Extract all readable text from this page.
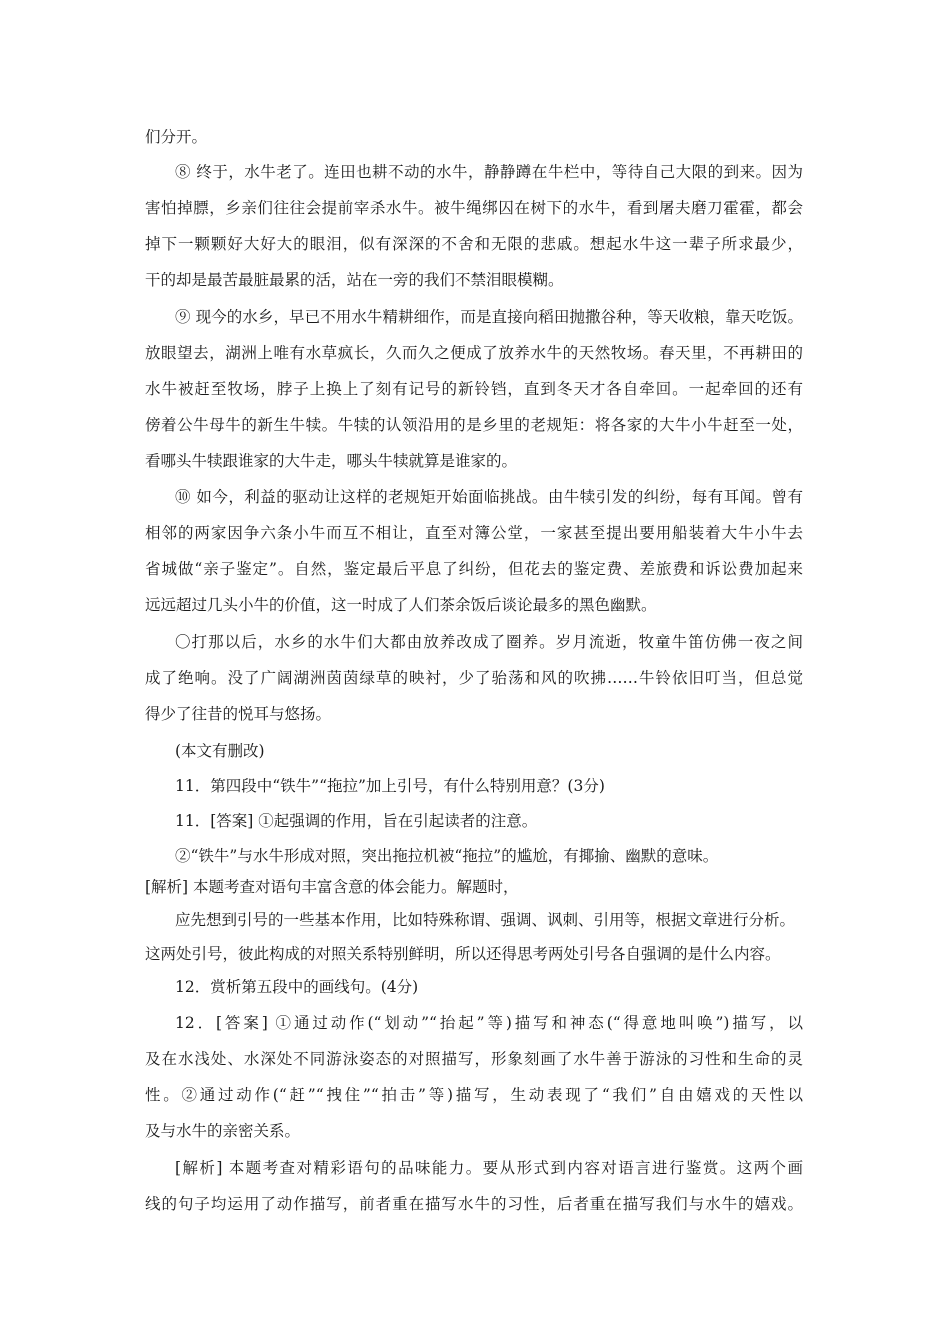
们分开。
⑧ 终于，水牛老了。连田也耕不动的水牛，静静蹲在牛栏中，等待自己大限的到来。因为
害怕掉膘，乡亲们往往会提前宰杀水牛。被牛绳绑囚在树下的水牛，看到屠夫磨刀霍霍，都会
掉下一颗颗好大好大的眼泪，似有深深的不舍和无限的悲戚。想起水牛这一辈子所求最少，
干的却是最苦最脏最累的活，站在一旁的我们不禁泪眼模糊。
⑨ 现今的水乡，早已不用水牛精耕细作，而是直接向稻田抛撒谷种，等天收粮，靠天吃饭。
放眼望去，湖洲上唯有水草疯长，久而久之便成了放养水牛的天然牧场。春天里，不再耕田的
水牛被赶至牧场，脖子上换上了刻有记号的新铃铛，直到冬天才各自牵回。一起牵回的还有
傍着公牛母牛的新生牛犊。牛犊的认领沿用的是乡里的老规矩：将各家的大牛小牛赶至一处，
看哪头牛犊跟谁家的大牛走，哪头牛犊就算是谁家的。
⑩ 如今，利益的驱动让这样的老规矩开始面临挑战。由牛犊引发的纠纷，每有耳闻。曾有
相邻的两家因争六条小牛而互不相让，直至对簿公堂，一家甚至提出要用船装着大牛小牛去
省城做“亲子鉴定”。自然，鉴定最后平息了纠纷，但花去的鉴定费、差旅费和诉讼费加起来
远远超过几头小牛的价值，这一时成了人们茶余饭后谈论最多的黑色幽默。
〇打那以后，水乡的水牛们大都由放养改成了圈养。岁月流逝，牧童牛笛仿佛一夜之间
成了绝响。没了广阔湖洲茵茵绿草的映衬，少了骀荡和风的吹拂……牛铃依旧叮当，但总觉
得少了往昔的悦耳与悠扬。
(本文有删改)
11．第四段中“铁牛”“拖拉”加上引号，有什么特别用意？(3分)
11．[答案] ①起强调的作用，旨在引起读者的注意。
②“铁牛”与水牛形成对照，突出拖拉机被“拖拉”的尴尬，有揶揄、幽默的意味。
[解析] 本题考查对语句丰富含意的体会能力。解题时，
应先想到引号的一些基本作用，比如特殊称谓、强调、讽刺、引用等，根据文章进行分析。
这两处引号，彼此构成的对照关系特别鲜明，所以还得思考两处引号各自强调的是什么内容。
12．赏析第五段中的画线句。(4分)
12．[答案] ①通过动作(“划动”“抬起”等)描写和神态(“得意地叫唤”)描写，以
及在水浅处、水深处不同游泳姿态的对照描写，形象刻画了水牛善于游泳的习性和生命的灵
性。②通过动作(“赶”“拽住”“拍击”等)描写，生动表现了“我们”自由嬉戏的天性以
及与水牛的亲密关系。
[解析] 本题考查对精彩语句的品味能力。要从形式到内容对语言进行鉴赏。这两个画
线的句子均运用了动作描写，前者重在描写水牛的习性，后者重在描写我们与水牛的嬉戏。
